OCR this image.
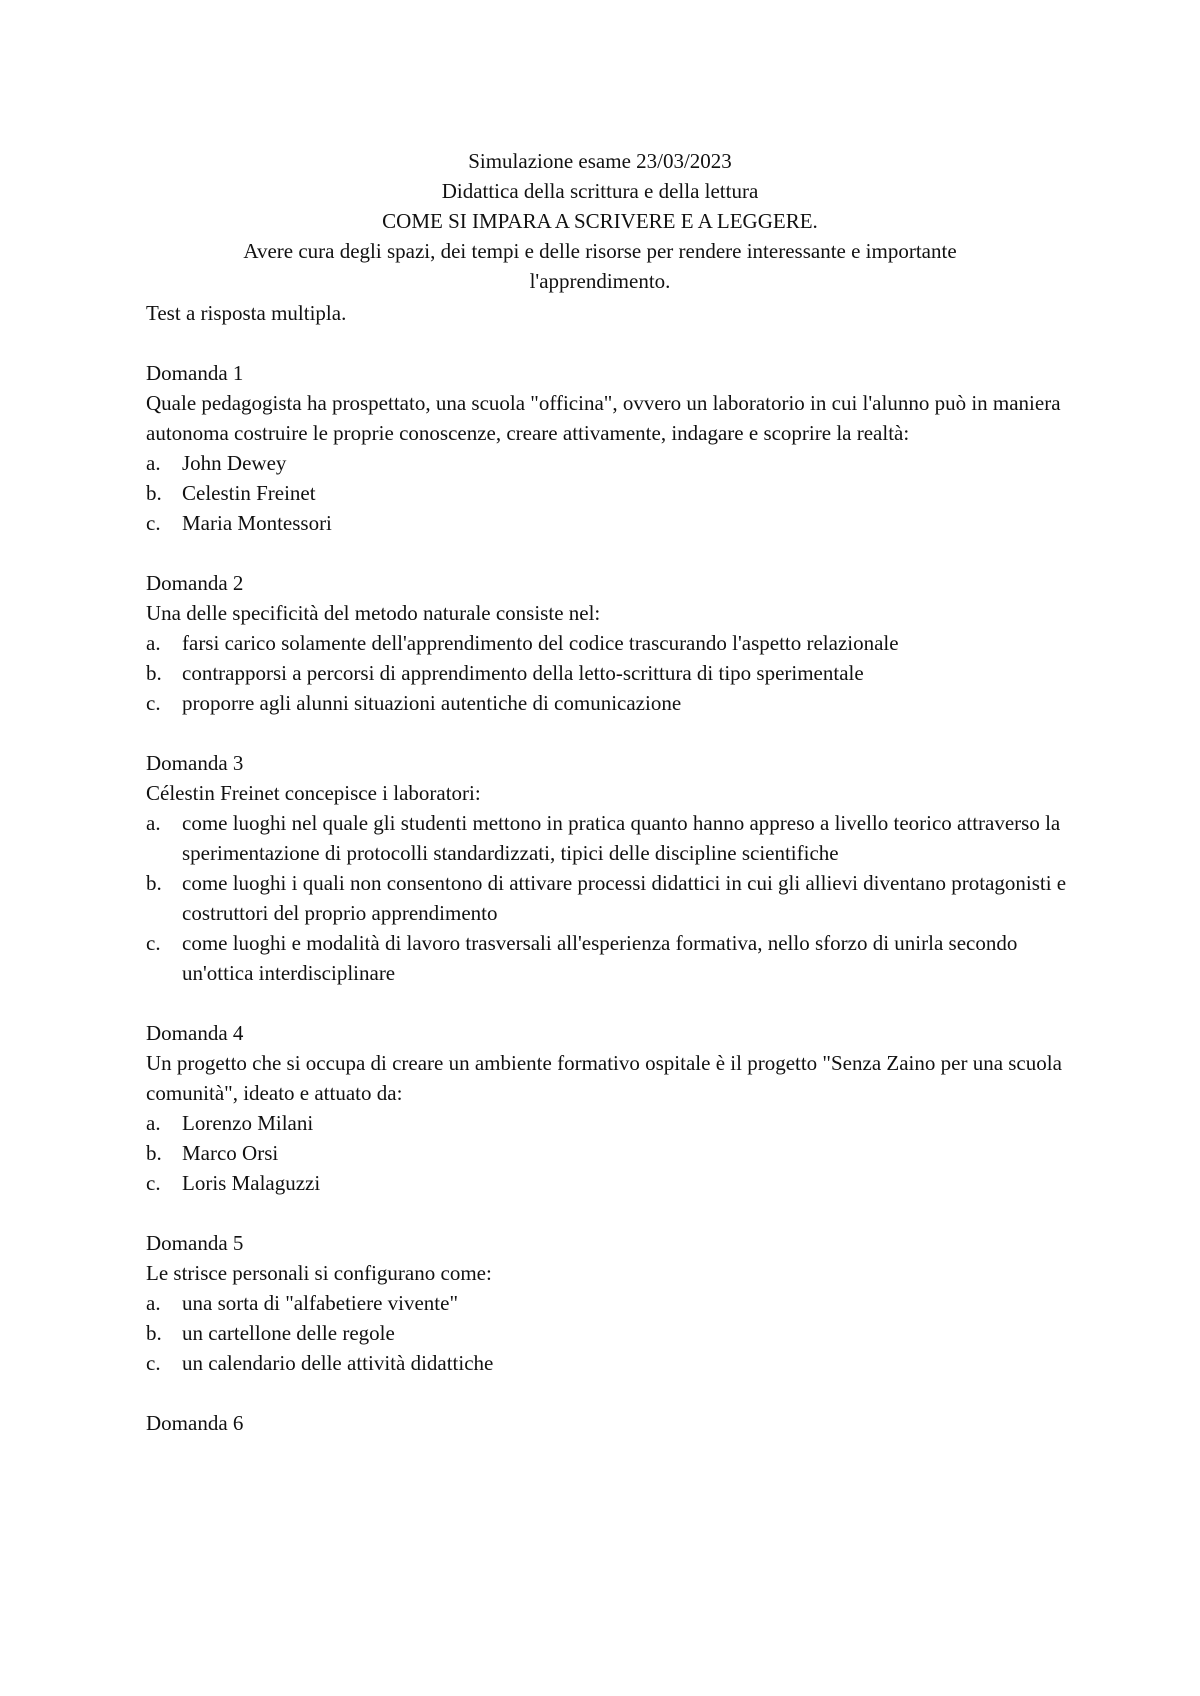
Simulazione esame 23/03/2023
Didattica della scrittura e della lettura
COME SI IMPARA A SCRIVERE E A LEGGERE.
Avere cura degli spazi, dei tempi e delle risorse per rendere interessante e importante
l'apprendimento.
Test a risposta multipla.
Domanda 1
Quale pedagogista ha prospettato, una scuola "officina", ovvero un laboratorio in cui l'alunno può in maniera autonoma costruire le proprie conoscenze, creare attivamente, indagare e scoprire la realtà:
a.	John Dewey
b. Celestin Freinet
c.	Maria Montessori
Domanda 2
Una delle specificità del metodo naturale consiste nel:
a.	farsi carico solamente dell'apprendimento del codice trascurando l'aspetto relazionale
b. contrapporsi a percorsi di apprendimento della letto-scrittura di tipo sperimentale
c.	proporre agli alunni situazioni autentiche di comunicazione
Domanda 3
Célestin Freinet concepisce i laboratori:
a.	come luoghi nel quale gli studenti mettono in pratica quanto hanno appreso a livello teorico attraverso la sperimentazione di protocolli standardizzati, tipici delle discipline scientifiche
b. come luoghi i quali non consentono di attivare processi didattici in cui gli allievi diventano protagonisti e costruttori del proprio apprendimento
c.	come luoghi e modalità di lavoro trasversali all'esperienza formativa, nello sforzo di unirla secondo un'ottica interdisciplinare
Domanda 4
Un progetto che si occupa di creare un ambiente formativo ospitale è il progetto "Senza Zaino per una scuola comunità", ideato e attuato da:
a.	Lorenzo Milani
b. Marco Orsi
c.	Loris Malaguzzi
Domanda 5
Le strisce personali si configurano come:
a.	una sorta di "alfabetiere vivente"
b. un cartellone delle regole
c.	un calendario delle attività didattiche
Domanda 6
